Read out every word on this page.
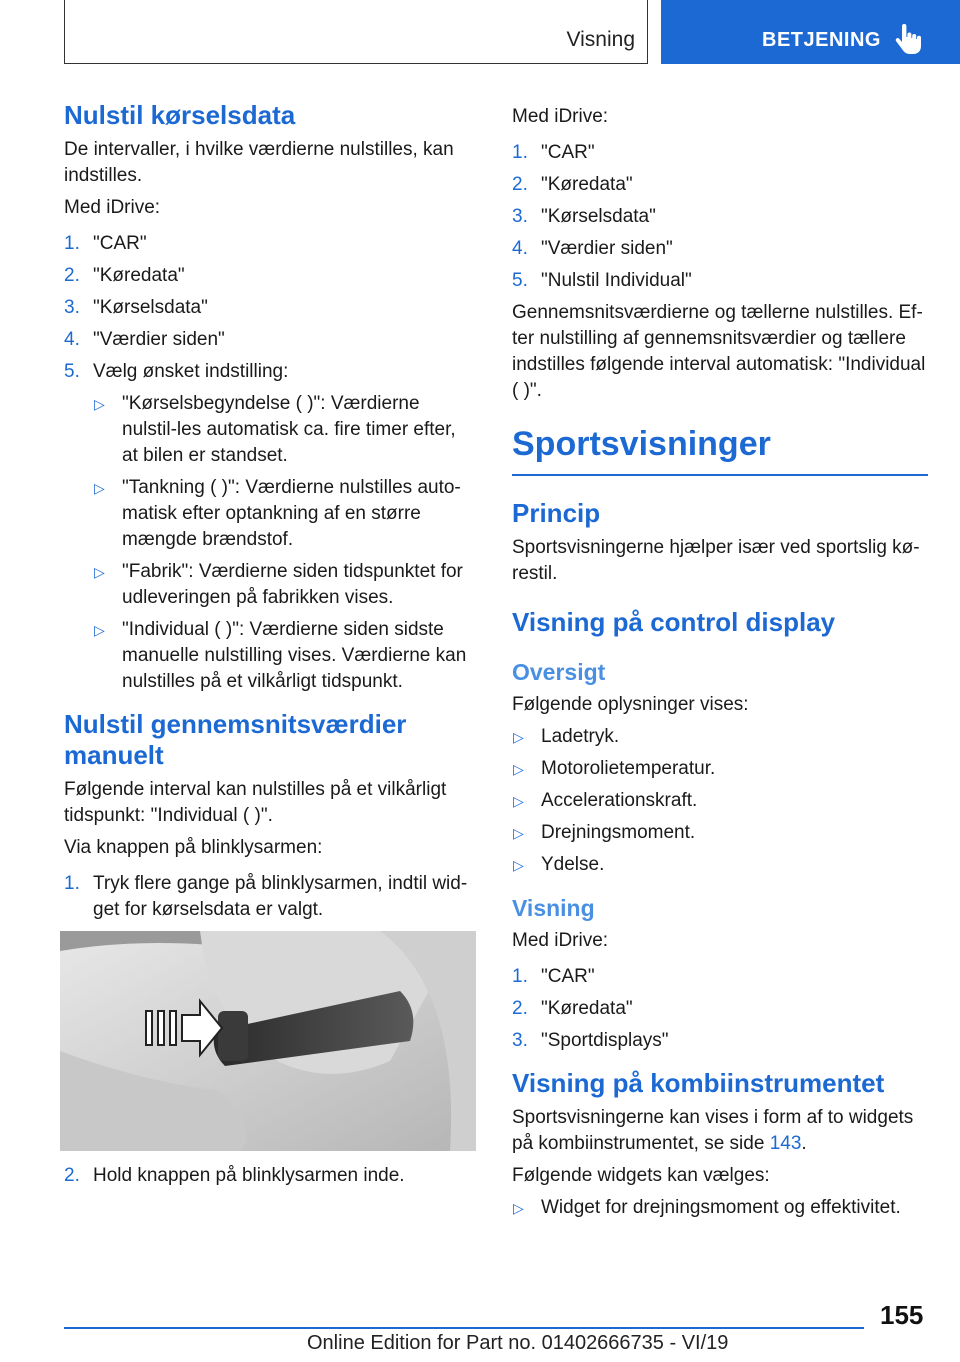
Visning	BETJENING
Nulstil kørselsdata

De intervaller, i hvilke værdierne nulstilles, kan indstilles.

Med iDrive:

1. "CAR"
2. "Køredata"
3. "Kørselsdata"
4. "Værdier siden"
5. Vælg ønsket indstilling:
▷ "Kørselsbegyndelse ( )": Værdierne nulstil-les automatisk ca. fire timer efter, at bilen er standset.
▷ "Tankning ( )": Værdierne nulstilles auto-matisk efter optankning af en større mængde brændstof.
▷ "Fabrik": Værdierne siden tidspunktet for udleveringen på fabrikken vises.
▷ "Individual ( )": Værdierne siden sidste manuelle nulstilling vises. Værdierne kan nulstilles på et vilkårligt tidspunkt.
Nulstil gennemsnitsværdier manuelt

Følgende interval kan nulstilles på et vilkårligt tidspunkt: "Individual ( )".

Via knappen på blinklysarmen:

1. Tryk flere gange på blinklysarmen, indtil wid-get for kørselsdata er valgt.
2. Hold knappen på blinklysarmen inde.

Med iDrive:

1. "CAR"
2. "Køredata"
3. "Kørselsdata"
4. "Værdier siden"
5. "Nulstil Individual"

Gennemsnitsværdierne og tællerne nulstilles. Ef-ter nulstilling af gennemsnitsværdier og tællere indstilles følgende interval automatisk: "Individual ( )".

Sportsvisninger
Princip

Sportsvisningerne hjælper især ved sportslig kø-restil.

Visning på control display
Oversigt

Følgende oplysninger vises:

▷ Ladetryk.
▷ Motorolietemperatur.
▷ Accelerationskraft.
▷ Drejningsmoment.
▷ Ydelse.
Visning

Med iDrive:

1. "CAR"
2. "Køredata"
3. "Sportdisplays"
Visning på kombiinstrumentet

Sportsvisningerne kan vises i form af to widgets på kombiinstrumentet, se side 143.

Følgende widgets kan vælges:

▷ Widget for drejningsmoment og effektivitet.
155
Online Edition for Part no. 01402666735 - VI/19
